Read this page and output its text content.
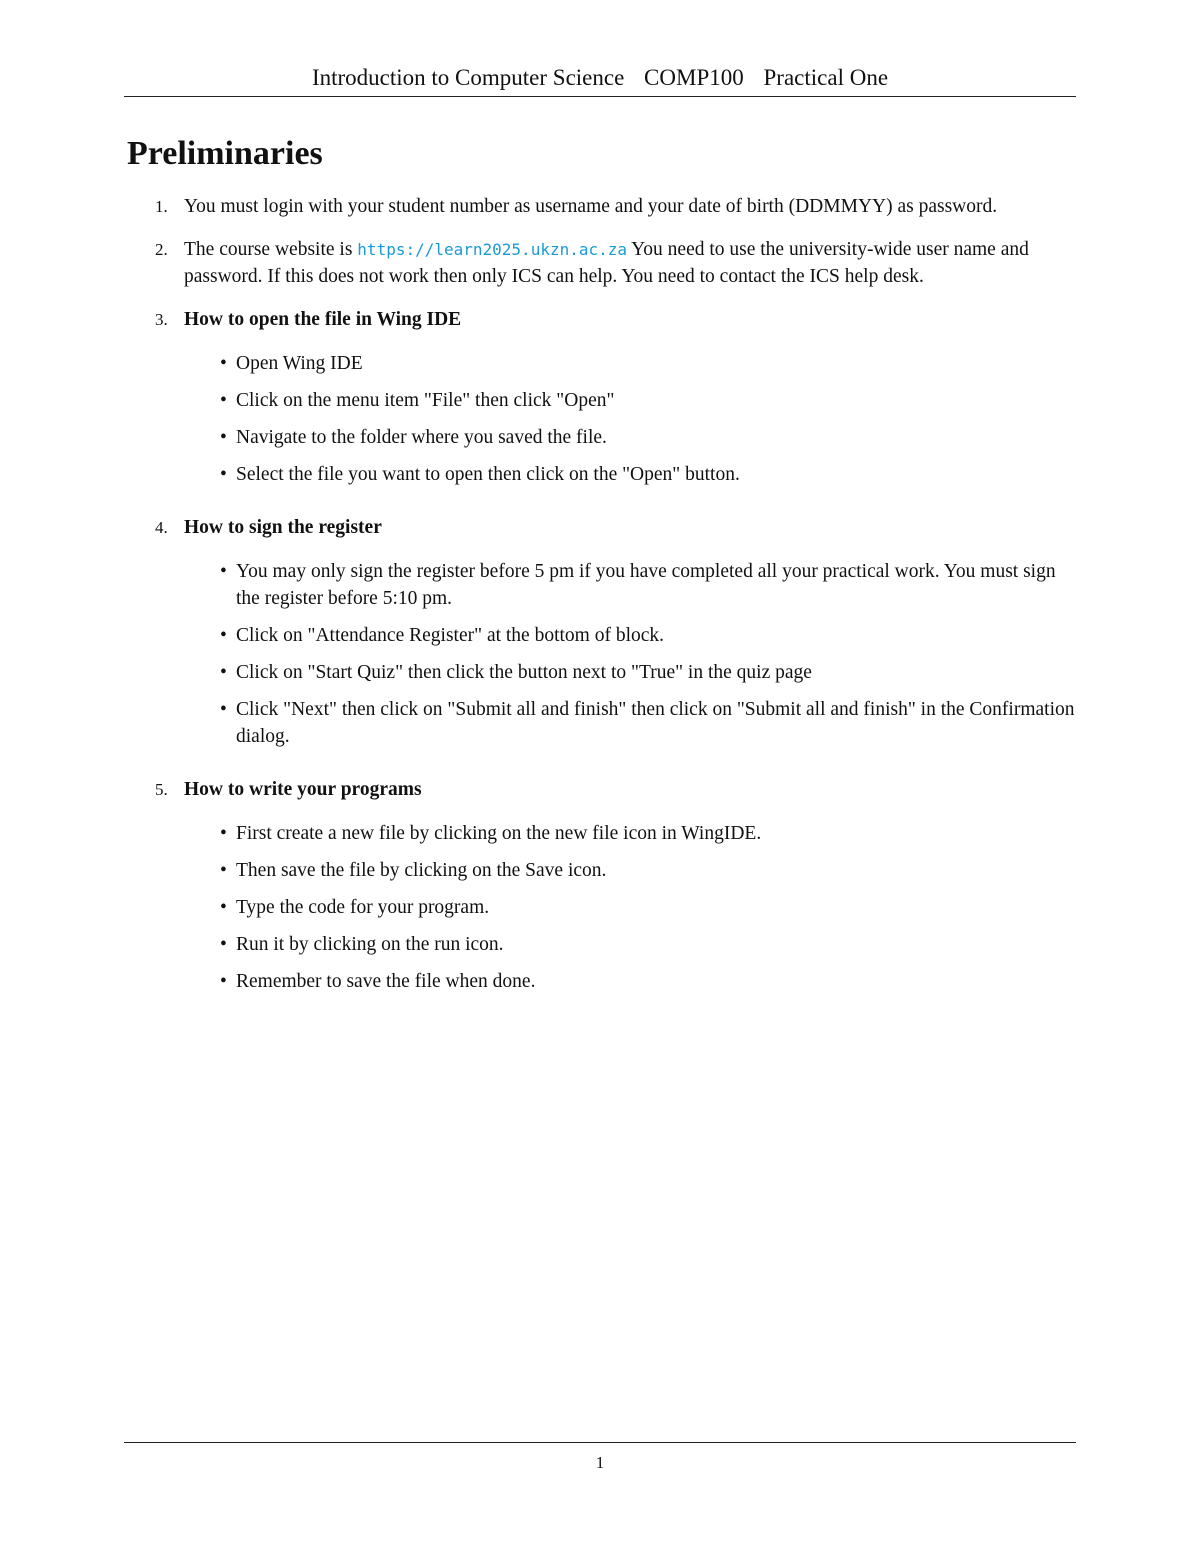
Introduction to Computer Science COMP100 Practical One
Preliminaries
1. You must login with your student number as username and your date of birth (DDMMYY) as password.
2. The course website is https://learn2025.ukzn.ac.za You need to use the university-wide user name and password. If this does not work then only ICS can help. You need to contact the ICS help desk.
3. How to open the file in Wing IDE
• Open Wing IDE
• Click on the menu item "File" then click "Open"
• Navigate to the folder where you saved the file.
• Select the file you want to open then click on the "Open" button.
4. How to sign the register
• You may only sign the register before 5 pm if you have completed all your practical work. You must sign the register before 5:10 pm.
• Click on "Attendance Register" at the bottom of block.
• Click on "Start Quiz" then click the button next to "True" in the quiz page
• Click "Next" then click on "Submit all and finish" then click on "Submit all and finish" in the Confirmation dialog.
5. How to write your programs
• First create a new file by clicking on the new file icon in WingIDE.
• Then save the file by clicking on the Save icon.
• Type the code for your program.
• Run it by clicking on the run icon.
• Remember to save the file when done.
1
